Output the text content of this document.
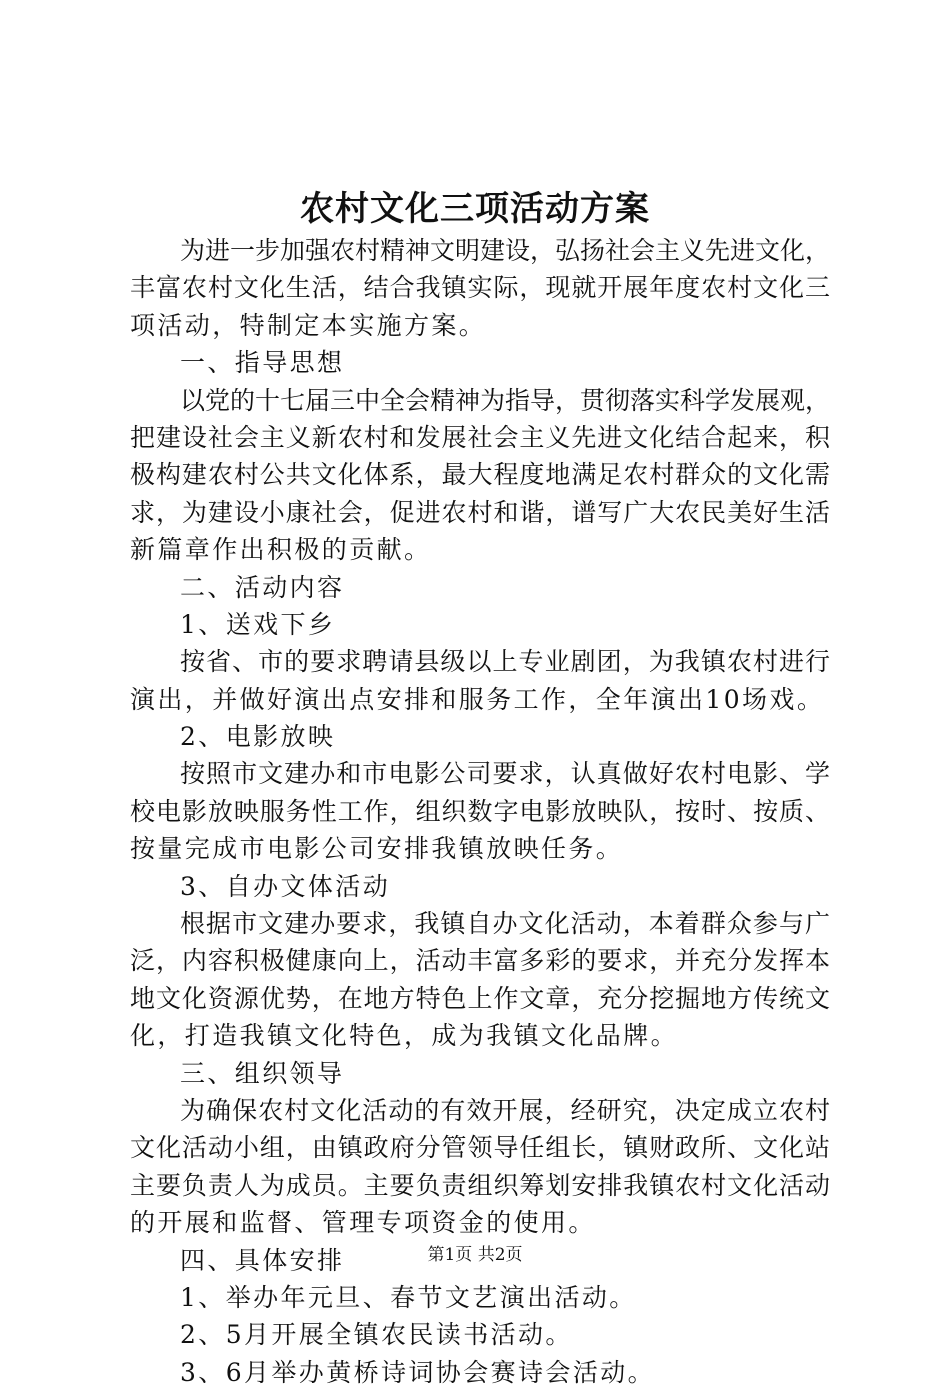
农村文化三项活动方案
为进一步加强农村精神文明建设，弘扬社会主义先进文化，
丰富农村文化生活，结合我镇实际，现就开展年度农村文化三
项活动，特制定本实施方案。
一、指导思想
以党的十七届三中全会精神为指导，贯彻落实科学发展观，
把建设社会主义新农村和发展社会主义先进文化结合起来，积
极构建农村公共文化体系，最大程度地满足农村群众的文化需
求，为建设小康社会，促进农村和谐，谱写广大农民美好生活
新篇章作出积极的贡献。
二、活动内容
1、送戏下乡
按省、市的要求聘请县级以上专业剧团，为我镇农村进行
演出，并做好演出点安排和服务工作，全年演出10场戏。
2、电影放映
按照市文建办和市电影公司要求，认真做好农村电影、学
校电影放映服务性工作，组织数字电影放映队，按时、按质、
按量完成市电影公司安排我镇放映任务。
3、自办文体活动
根据市文建办要求，我镇自办文化活动，本着群众参与广
泛，内容积极健康向上，活动丰富多彩的要求，并充分发挥本
地文化资源优势，在地方特色上作文章，充分挖掘地方传统文
化，打造我镇文化特色，成为我镇文化品牌。
三、组织领导
为确保农村文化活动的有效开展，经研究，决定成立农村
文化活动小组，由镇政府分管领导任组长，镇财政所、文化站
主要负责人为成员。主要负责组织筹划安排我镇农村文化活动
的开展和监督、管理专项资金的使用。
四、具体安排
1、举办年元旦、春节文艺演出活动。
2、5月开展全镇农民读书活动。
3、6月举办黄桥诗词协会赛诗会活动。
第1页 共2页
